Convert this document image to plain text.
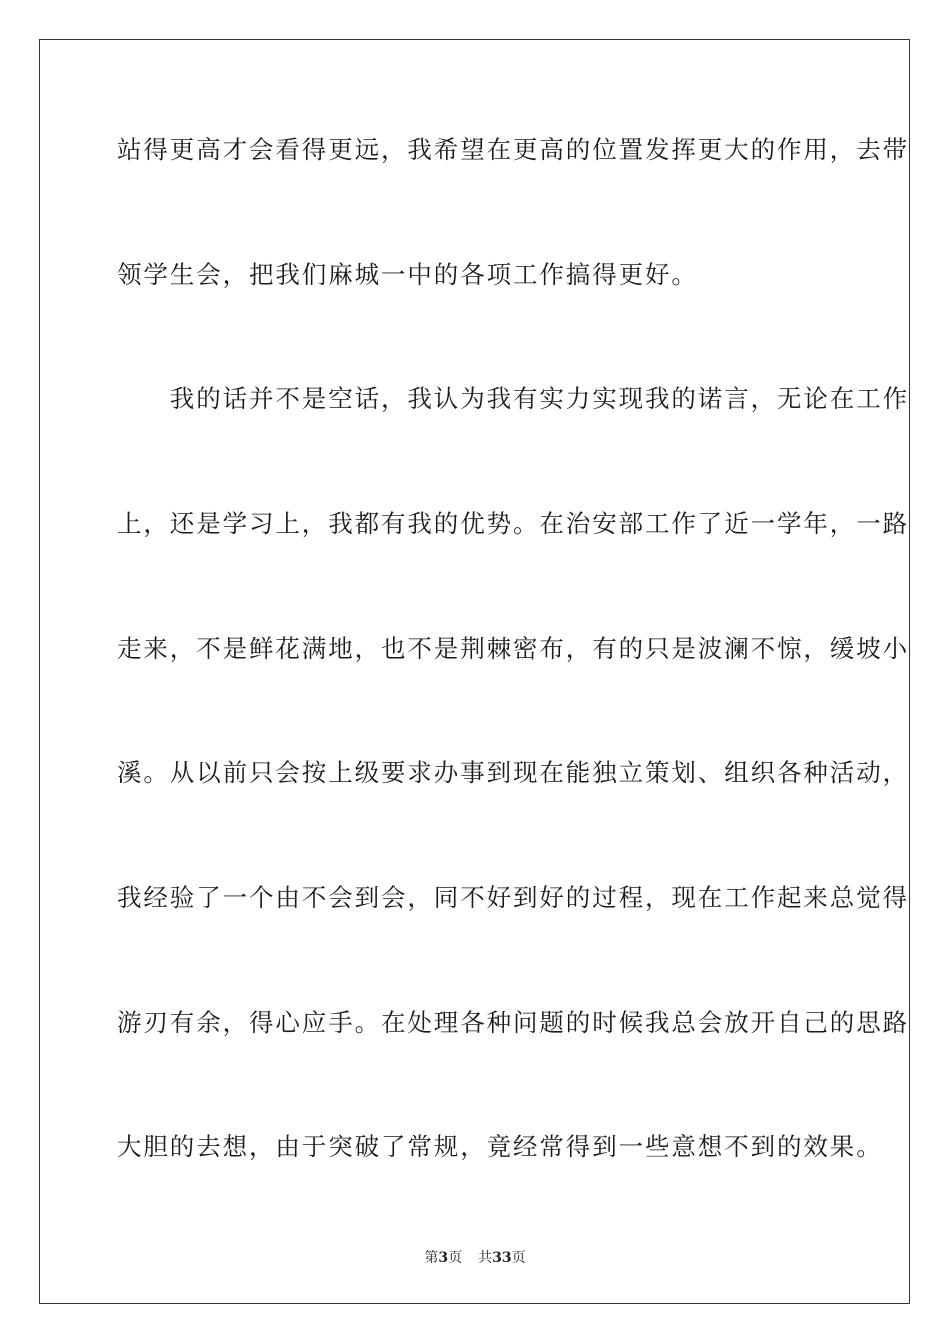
站得更高才会看得更远，我希望在更高的位置发挥更大的作用，去带
领学生会，把我们麻城一中的各项工作搞得更好。
　　我的话并不是空话，我认为我有实力实现我的诺言，无论在工作
上，还是学习上，我都有我的优势。在治安部工作了近一学年，一路
走来，不是鲜花满地，也不是荆棘密布，有的只是波澜不惊，缓坡小
溪。从以前只会按上级要求办事到现在能独立策划、组织各种活动，
我经验了一个由不会到会，同不好到好的过程，现在工作起来总觉得
游刃有余，得心应手。在处理各种问题的时候我总会放开自己的思路
大胆的去想，由于突破了常规，竟经常得到一些意想不到的效果。
第3页 共33页
